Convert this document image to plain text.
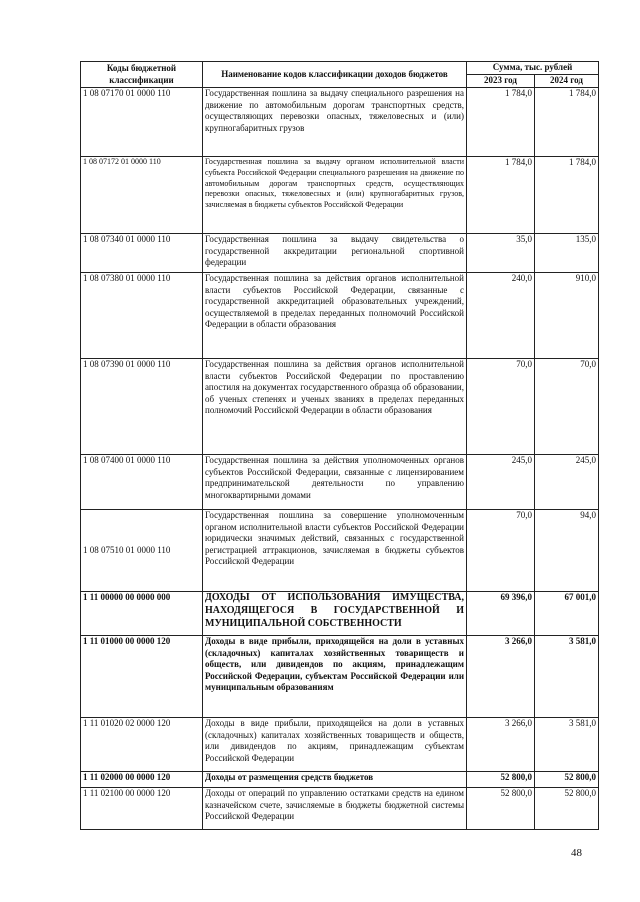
Коды бюджетной классификации	Наименование кодов классификации доходов бюджетов	Сумма, тыс. рублей	
		2023 год	2024 год
1 08 07170 01 0000 110	Государственная пошлина за выдачу специального разрешения на движение по автомобильным дорогам транспортных средств, осуществляющих перевозки опасных, тяжеловесных и (или) крупногабаритных грузов	1 784,0	1 784,0
1 08 07172 01 0000 110	Государственная пошлина за выдачу органом исполнительной власти субъекта Российской Федерации специального разрешения на движение по автомобильным дорогам транспортных средств, осуществляющих перевозки опасных, тяжеловесных и (или) крупногабаритных грузов, зачисляемая в бюджеты субъектов Российской Федерации	1 784,0	1 784,0
1 08 07340 01 0000 110	Государственная пошлина за выдачу свидетельства о государственной аккредитации региональной спортивной федерации	35,0	135,0
1 08 07380 01 0000 110	Государственная пошлина за действия органов исполнительной власти субъектов Российской Федерации, связанные с государственной аккредитацией образовательных учреждений, осуществляемой в пределах переданных полномочий Российской Федерации в области образования	240,0	910,0
1 08 07390 01 0000 110	Государственная пошлина за действия органов исполнительной власти субъектов Российской Федерации по проставлению апостиля на документах государственного образца об образовании, об ученых степенях и ученых званиях в пределах переданных полномочий Российской Федерации в области образования	70,0	70,0
1 08 07400 01 0000 110	Государственная пошлина за действия уполномоченных органов субъектов Российской Федерации, связанные с лицензированием предпринимательской деятельности по управлению многоквартирными домами	245,0	245,0
1 08 07510 01 0000 110	Государственная пошлина за совершение уполномоченным органом исполнительной власти субъектов Российской Федерации юридически значимых действий, связанных с государственной регистрацией аттракционов, зачисляемая в бюджеты субъектов Российской Федерации	70,0	94,0
1 11 00000 00 0000 000	ДОХОДЫ ОТ ИСПОЛЬЗОВАНИЯ ИМУЩЕСТВА, НАХОДЯЩЕГОСЯ В ГОСУДАРСТВЕННОЙ И МУНИЦИПАЛЬНОЙ СОБСТВЕННОСТИ	69 396,0	67 001,0
1 11 01000 00 0000 120	Доходы в виде прибыли, приходящейся на доли в уставных (складочных) капиталах хозяйственных товариществ и обществ, или дивидендов по акциям, принадлежащим Российской Федерации, субъектам Российской Федерации или муниципальным образованиям	3 266,0	3 581,0
1 11 01020 02 0000 120	Доходы в виде прибыли, приходящейся на доли в уставных (складочных) капиталах хозяйственных товариществ и обществ, или дивидендов по акциям, принадлежащим субъектам Российской Федерации	3 266,0	3 581,0
1 11 02000 00 0000 120	Доходы от размещения средств бюджетов	52 800,0	52 800,0
1 11 02100 00 0000 120	Доходы от операций по управлению остатками средств на едином казначейском счете, зачисляемые в бюджеты бюджетной системы Российской Федерации	52 800,0	52 800,0
48
